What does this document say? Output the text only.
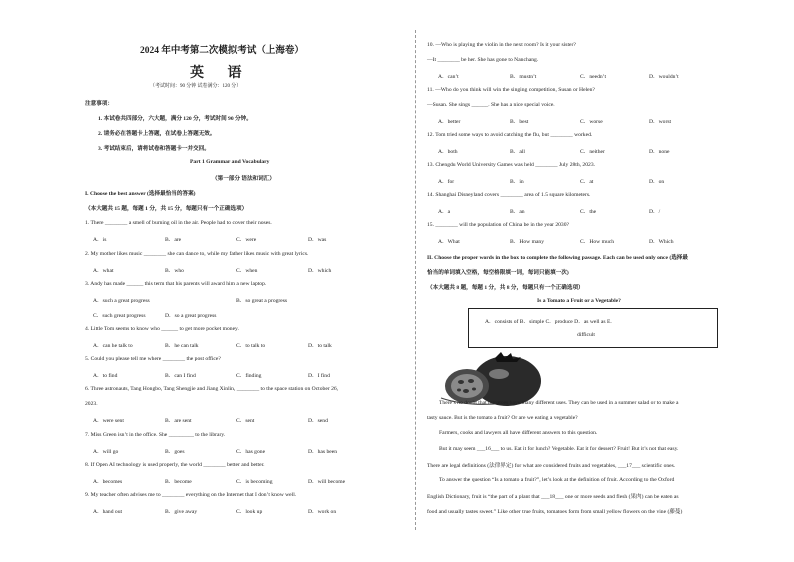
2024 年中考第二次模拟考试（上海卷）
英 语
（考试时间：90 分钟 试卷满分：120 分）
注意事项：
1. 本试卷共四部分，六大题，满分 120 分，考试时间 90 分钟。
2. 请务必在答题卡上答题，在试卷上答题无效。
3. 考试结束后，请将试卷和答题卡一并交回。
Part 1 Grammar and Vocabulary
（第一部分 语法和词汇）
I. Choose the best answer (选择最恰当的答案)
（本大题共 15 题，每题 1 分，共 15 分，每题只有一个正确选项）
1. There ________ a smell of burning oil in the air. People had to cover their noses.
A．is	B．are	C．were	D．was
2. My mother likes music ________ she can dance to, while my father likes music with great lyrics.
A．what	B．who	C．when	D．which
3. Andy has made ______ this term that his parents will award him a new laptop.
A．such a great progress	B．so great a progress
C．such great progress	D．so a great progress
4. Little Tom seems to know who ______ to get more pocket money.
A．can he talk to	B．he can talk	C．to talk to	D．to talk
5. Could you please tell me where ________ the post office?
A．to find	B．can I find	C．finding	D．I find
6. Three astronauts, Tang Hongbo, Tang Shengjie and Jiang Xinlin, ________ to the space station on October 26,
2023.
A．were sent	B．are sent	C．sent	D．send
7. Miss Green isn’t in the office. She _________ to the library.
A．will go	B．goes	C．has gone	D．has been
8. If Open AI technology is used properly, the world ________ better and better.
A．becomes	B．become	C．is becoming	D．will become
9. My teacher often advises me to ________ everything on the Internet that I don’t know well.
A．hand out	B．give away	C．look up	D．work on
10. —Who is playing the violin in the next room? Is it your sister?
—It ________ be her. She has gone to Nanchang.
A．can’t	B．mustn’t	C．needn’t	D．wouldn’t
11. —Who do you think will win the singing competition, Susan or Helen?
—Susan. She sings ______. She has a nice special voice.
A．better	B．best	C．worse	D．worst
12. Tom tried some ways to avoid catching the flu, but ________ worked.
A．both	B．all	C．neither	D．none
13. Chengdu World University Games was held ________ July 28th, 2023.
A．for	B．in	C．at	D．on
14. Shanghai Disneyland covers ________ area of 1.5 square kilometers.
A．a	B．an	C．the	D．/
15. ________ will the population of China be in the year 2030?
A．What	B．How many	C．How much	D．Which
II. Choose the proper words in the box to complete the following passage. Each can be used only once (选择最
恰当的单词填入空格，每空格限填一词，每词只能填一次)
（本大题共 8 题，每题 1 分，共 8 分，每题只有一个正确选项）
Is a Tomato a Fruit or a Vegetable?
A．consists of B．simple C．produce D．as well as E.
difficult
There’s no doubt that tomatoes have many different uses. They can be used in a summer salad or to make a
tasty sauce. But is the tomato a fruit? Or are we eating a vegetable?
Farmers, cooks and lawyers all have different answers to this question.
But it may seem ___16___ to us. Eat it for lunch? Vegetable. Eat it for dessert? Fruit! But it’s not that easy.
There are legal definitions (法律界定) for what are considered fruits and vegetables, ___17___ scientific ones.
To answer the question “Is a tomato a fruit?”, let’s look at the definition of fruit. According to the Oxford
English Dictionary, fruit is “the part of a plant that ___18___ one or more seeds and flesh (果肉) can be eaten as
food and usually tastes sweet.” Like other true fruits, tomatoes form from small yellow flowers on the vine (藤蔓)
